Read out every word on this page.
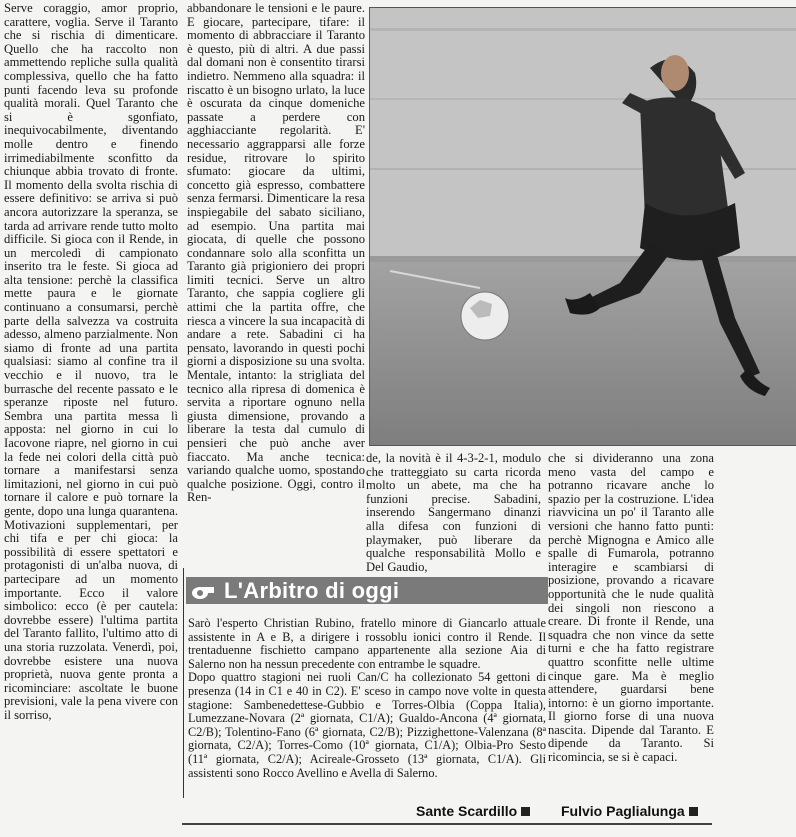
Serve coraggio, amor proprio, carattere, voglia. Serve il Taranto che si rischia di dimenticare. Quello che ha raccolto non ammettendo repliche sulla qualità complessiva, quello che ha fatto punti facendo leva su profonde qualità morali. Quel Taranto che si è sgonfiato, inequivocabilmente, diventando molle dentro e finendo irrimediabilmente sconfitto da chiunque abbia trovato di fronte. Il momento della svolta rischia di essere definitivo: se arriva si può ancora autorizzare la speranza, se tarda ad arrivare rende tutto molto difficile. Si gioca con il Rende, in un mercoledì di campionato inserito tra le feste. Si gioca ad alta tensione: perchè la classifica mette paura e le giornate continuano a consumarsi, perchè parte della salvezza va costruita adesso, almeno parzialmente. Non siamo di fronte ad una partita qualsiasi: siamo al confine tra il vecchio e il nuovo, tra le burrasche del recente passato e le speranze riposte nel futuro. Sembra una partita messa lì apposta: nel giorno in cui lo Iacovone riapre, nel giorno in cui la fede nei colori della città può tornare a manifestarsi senza limitazioni, nel giorno in cui può tornare il calore e può tornare la gente, dopo una lunga quarantena. Motivazioni supplementari, per chi tifa e per chi gioca: la possibilità di essere spettatori e protagonisti di un'alba nuova, di partecipare ad un momento importante. Ecco il valore simbolico: ecco (è per cautela: dovrebbe essere) l'ultima partita del Taranto fallito, l'ultimo atto di una storia ruzzolata. Venerdì, poi, dovrebbe esistere una nuova proprietà, nuova gente pronta a ricominciare: ascoltate le buone previsioni, vale la pena vivere con il sorriso,

abbandonare le tensioni e le paure. E giocare, partecipare, tifare: il momento di abbracciare il Taranto è questo, più di altri. A due passi dal domani non è consentito tirarsi indietro. Nemmeno alla squadra: il riscatto è un bisogno urlato, la luce è oscurata da cinque domeniche passate a perdere con agghiacciante regolarità. E' necessario aggrapparsi alle forze residue, ritrovare lo spirito sfumato: giocare da ultimi, concetto già espresso, combattere senza fermarsi. Dimenticare la resa inspiegabile del sabato siciliano, ad esempio. Una partita mai giocata, di quelle che possono condannare solo alla sconfitta un Taranto già prigioniero dei propri limiti tecnici. Serve un altro Taranto, che sappia cogliere gli attimi che la partita offre, che riesca a vincere la sua incapacità di andare a rete. Sabadini ci ha pensato, lavorando in questi pochi giorni a disposizione su una svolta. Mentale, intanto: la strigliata del tecnico alla ripresa di domenica è servita a riportare ognuno nella giusta dimensione, provando a liberare la testa dal cumulo di pensieri che può anche aver fiaccato. Ma anche tecnica: variando qualche uomo, spostando qualche posizione. Oggi, contro il Ren-

de, la novità è il 4-3-2-1, modulo che tratteggiato su carta ricorda molto un abete, ma che ha funzioni precise. Sabadini, inserendo Sangermano dinanzi alla difesa con funzioni di playmaker, può liberare da qualche responsabilità Mollo e Del Gaudio,

che si divideranno una zona meno vasta del campo e potranno ricavare anche lo spazio per la costruzione. L'idea riavvicina un po' il Taranto alle versioni che hanno fatto punti: perchè Mignogna e Amico alle spalle di Fumarola, potranno interagire e scambiarsi di posizione, provando a ricavare opportunità che le nude qualità dei singoli non riescono a creare. Di fronte il Rende, una squadra che non vince da sette turni e che ha fatto registrare quattro sconfitte nelle ultime cinque gare. Ma è meglio attendere, guardarsi bene intorno: è un giorno importante. Il giorno forse di una nuova nascita. Dipende dal Taranto. E dipende da Taranto. Si ricomincia, se si è capaci.

L'Arbitro di oggi

Sarò l'esperto Christian Rubino, fratello minore di Giancarlo attuale assistente in A e B, a dirigere i rossoblu ionici contro il Rende. Il trentaduenne fischietto campano appartenente alla sezione Aia di Salerno non ha nessun precedente con entrambe le squadre.

Dopo quattro stagioni nei ruoli Can/C ha collezionato 54 gettoni di presenza (14 in C1 e 40 in C2). E' sceso in campo nove volte in questa stagione: Sambenedettese-Gubbio e Torres-Olbia (Coppa Italia), Lumezzane-Novara (2ª giornata, C1/A); Gualdo-Ancona (4ª giornata, C2/B); Tolentino-Fano (6ª giornata, C2/B); Pizzighettone-Valenzana (8ª giornata, C2/A); Torres-Como (10ª giornata, C1/A); Olbia-Pro Sesto (11ª giornata, C2/A); Acireale-Grosseto (13ª giornata, C1/A). Gli assistenti sono Rocco Avellino e Avella di Salerno.

Sante Scardillo	Fulvio Paglialunga
